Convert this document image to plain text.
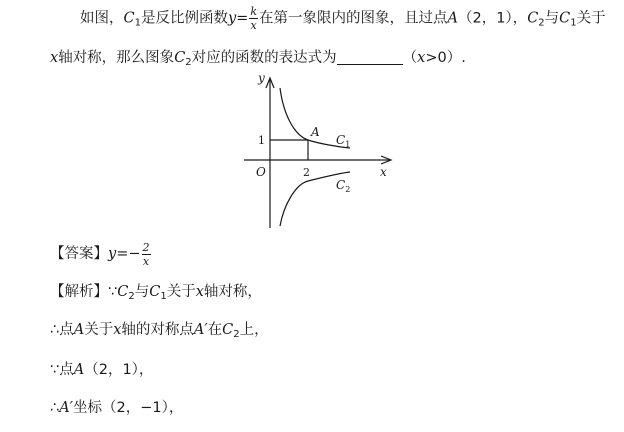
如图，$C_1$是反比例函数$y= \frac{k}{x}$ 在第一象限内的图象，且过点A（2，1），$C_2$与$C_1$关于
x轴对称，那么图象$C_2$对应的函数的表达式为	（x>0）.
y
x
O
1
2
A
$C_1$
$C_2$
【答案】$y=- \frac{2}{x}$
【解析】$\because C_2$与$C_1$关于x轴对称，
∴点A关于x轴的对称点A′在$C_2$上，
∵点A（2，1），
∴A′坐标（2，−1），
